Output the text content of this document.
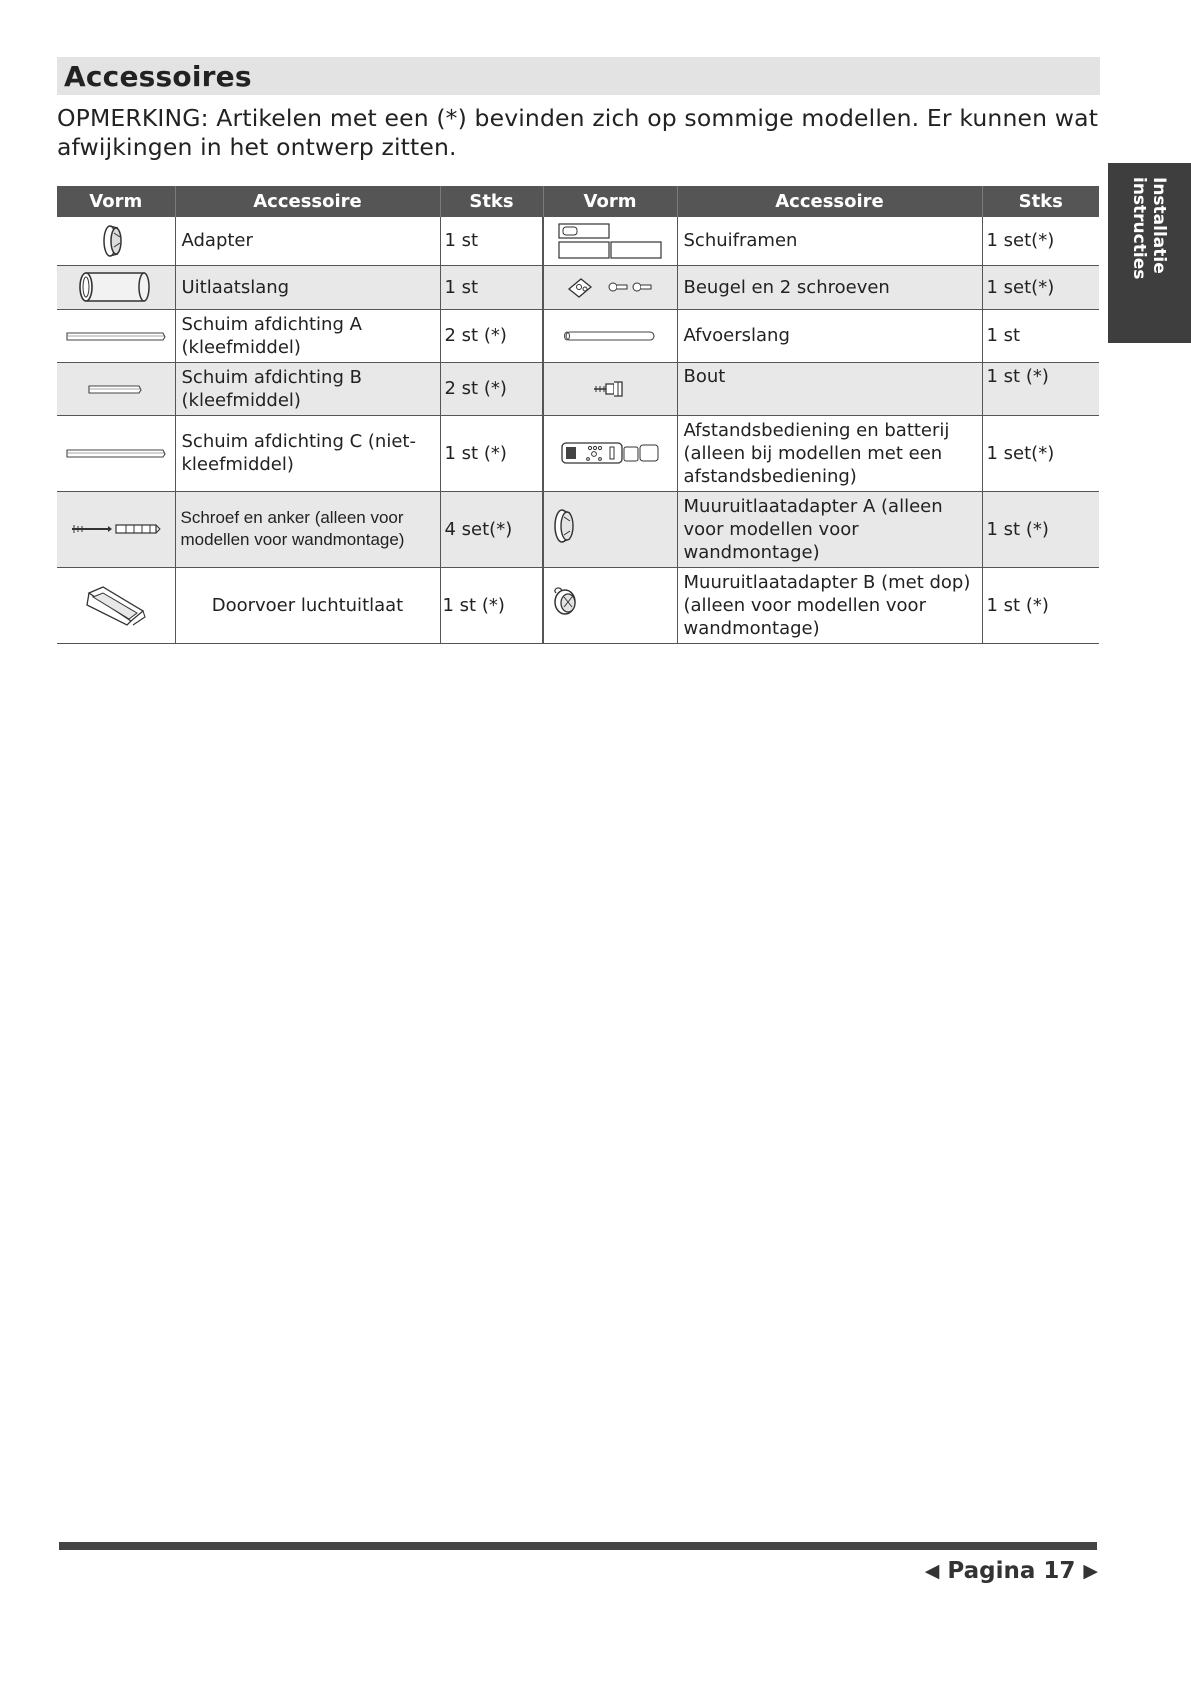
Accessoires
OPMERKING: Artikelen met een (*) bevinden zich op sommige modellen. Er kunnen wat afwijkingen in het ontwerp zitten.
Installatie
instructies
Vorm	Accessoire	Stks	Vorm	Accessoire	Stks

	Adapter	1 st		Schuiframen	1 set(*)

	Uitlaatslang	1 st		Beugel en 2 schroeven	1 set(*)

	Schuim afdichting A (kleefmiddel)	2 st (*)		Afvoerslang	1 st

	Schuim afdichting B (kleefmiddel)	2 st (*)		Bout	1 st (*)

	Schuim afdichting C (niet-kleefmiddel)	1 st (*)		Afstandsbediening en batterij (alleen bij modellen met een afstandsbediening)	1 set(*)

	Schroef en anker (alleen voor modellen voor wandmontage)	4 set(*)		Muuruitlaatadapter A (alleen voor modellen voor wandmontage)	1 st (*)

	Doorvoer luchtuitlaat	1 st (*)		Muuruitlaatadapter B (met dop) (alleen voor modellen voor wandmontage)	1 st (*)
◀ Pagina 17 ▶
